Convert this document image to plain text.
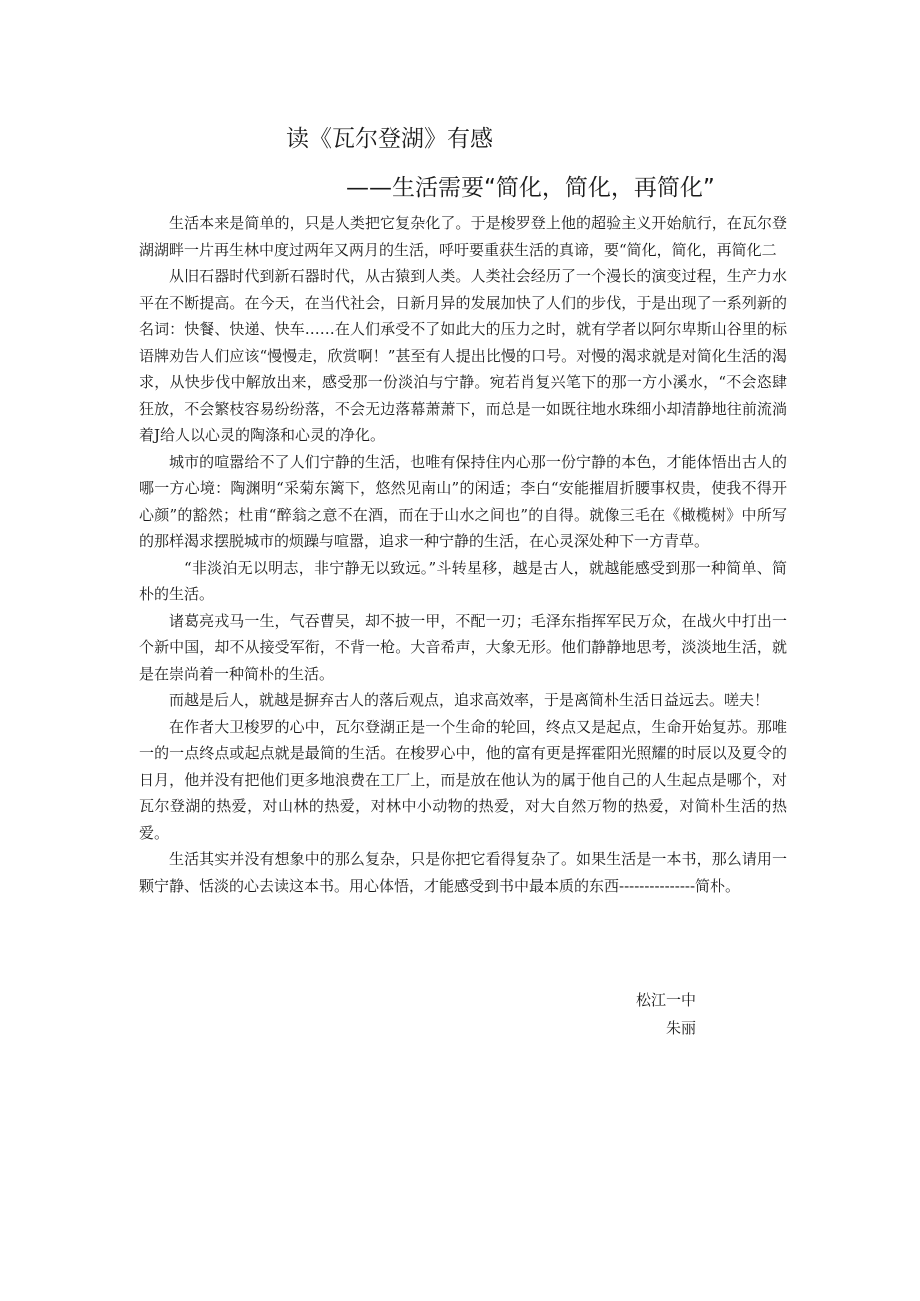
读《瓦尔登湖》有感
——生活需要“简化，简化，再简化”

生活本来是简单的，只是人类把它复杂化了。于是梭罗登上他的超验主义开始航行，在瓦尔登湖湖畔一片再生林中度过两年又两月的生活，呼吁要重获生活的真谛，要“简化，简化，再简化二

从旧石器时代到新石器时代，从古猿到人类。人类社会经历了一个漫长的演变过程，生产力水平在不断提高。在今天，在当代社会，日新月异的发展加快了人们的步伐，于是出现了一系列新的名词：快餐、快递、快车……在人们承受不了如此大的压力之时，就有学者以阿尔卑斯山谷里的标语牌劝告人们应该“慢慢走，欣赏啊！”甚至有人提出比慢的口号。对慢的渴求就是对简化生活的渴求，从快步伐中解放出来，感受那一份淡泊与宁静。宛若肖复兴笔下的那一方小溪水，“不会恣肆狂放，不会繁枝容易纷纷落，不会无边落幕萧萧下，而总是一如既往地水珠细小却清静地往前流淌着J给人以心灵的陶涤和心灵的净化。

城市的喧嚣给不了人们宁静的生活，也唯有保持住内心那一份宁静的本色，才能体悟出古人的哪一方心境：陶渊明“采菊东篱下，悠然见南山”的闲适；李白“安能摧眉折腰事权贵，使我不得开心颜”的豁然；杜甫“醉翁之意不在酒，而在于山水之间也”的自得。就像三毛在《橄榄树》中所写的那样渴求摆脱城市的烦躁与喧嚣，追求一种宁静的生活，在心灵深处种下一方青草。

“非淡泊无以明志，非宁静无以致远。”斗转星移，越是古人，就越能感受到那一种简单、简朴的生活。

诸葛亮戎马一生，气吞曹吴，却不披一甲，不配一刃；毛泽东指挥军民万众，在战火中打出一个新中国，却不从接受军衔，不背一枪。大音希声，大象无形。他们静静地思考，淡淡地生活，就是在崇尚着一种简朴的生活。

而越是后人，就越是摒弃古人的落后观点，追求高效率，于是离简朴生活日益远去。嗟夫！

在作者大卫梭罗的心中，瓦尔登湖正是一个生命的轮回，终点又是起点，生命开始复苏。那唯一的一点终点或起点就是最简的生活。在梭罗心中，他的富有更是挥霍阳光照耀的时辰以及夏令的日月，他并没有把他们更多地浪费在工厂上，而是放在他认为的属于他自己的人生起点是哪个，对瓦尔登湖的热爱，对山林的热爱，对林中小动物的热爱，对大自然万物的热爱，对简朴生活的热爱。

生活其实并没有想象中的那么复杂，只是你把它看得复杂了。如果生活是一本书，那么请用一颗宁静、恬淡的心去读这本书。用心体悟，才能感受到书中最本质的东西---------------简朴。

松江一中
朱丽
